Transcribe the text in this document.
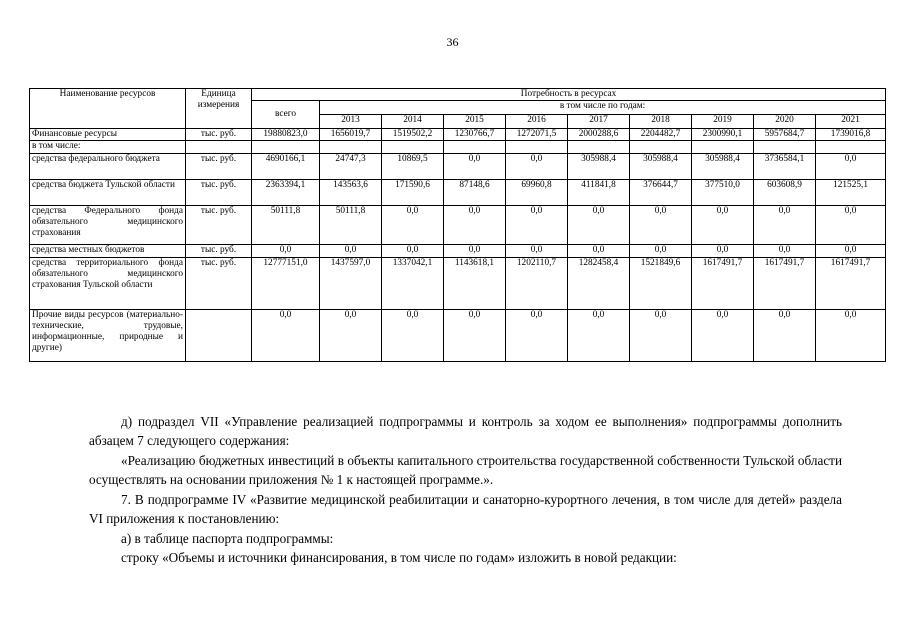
36
Наименование ресурсов	Единица измерения	Потребность в ресурсах									
		всего	в том числе по годам:								
			2013	2014	2015	2016	2017	2018	2019	2020	2021
Финансовые ресурсы	тыс. руб.	19880823,0	1656019,7	1519502,2	1230766,7	1272071,5	2000288,6	2204482,7	2300990,1	5957684,7	1739016,8
в том числе:											
средства федерального бюджета	тыс. руб.	4690166,1	24747,3	10869,5	0,0	0,0	305988,4	305988,4	305988,4	3736584,1	0,0
средства бюджета Тульской области	тыс. руб.	2363394,1	143563,6	171590,6	87148,6	69960,8	411841,8	376644,7	377510,0	603608,9	121525,1
средства Федерального фонда обязательного медицинского страхования	тыс. руб.	50111,8	50111,8	0,0	0,0	0,0	0,0	0,0	0,0	0,0	0,0
средства местных бюджетов	тыс. руб.	0,0	0,0	0,0	0,0	0,0	0,0	0,0	0,0	0,0	0,0
средства территориального фонда обязательного медицинского страхования Тульской области	тыс. руб.	12777151,0	1437597,0	1337042,1	1143618,1	1202110,7	1282458,4	1521849,6	1617491,7	1617491,7	1617491,7
Прочие виды ресурсов (материально-технические, трудовые, информационные, природные и другие)		0,0	0,0	0,0	0,0	0,0	0,0	0,0	0,0	0,0	0,0
д) подраздел VII «Управление реализацией подпрограммы и контроль за ходом ее выполнения» подпрограммы дополнить абзацем 7 следующего содержания:
«Реализацию бюджетных инвестиций в объекты капитального строительства государственной собственности Тульской области осуществлять на основании приложения № 1 к настоящей программе.».
7. В подпрограмме IV «Развитие медицинской реабилитации и санаторно-курортного лечения, в том числе для детей» раздела VI приложения к постановлению:
а) в таблице паспорта подпрограммы:
строку «Объемы и источники финансирования, в том числе по годам» изложить в новой редакции:
